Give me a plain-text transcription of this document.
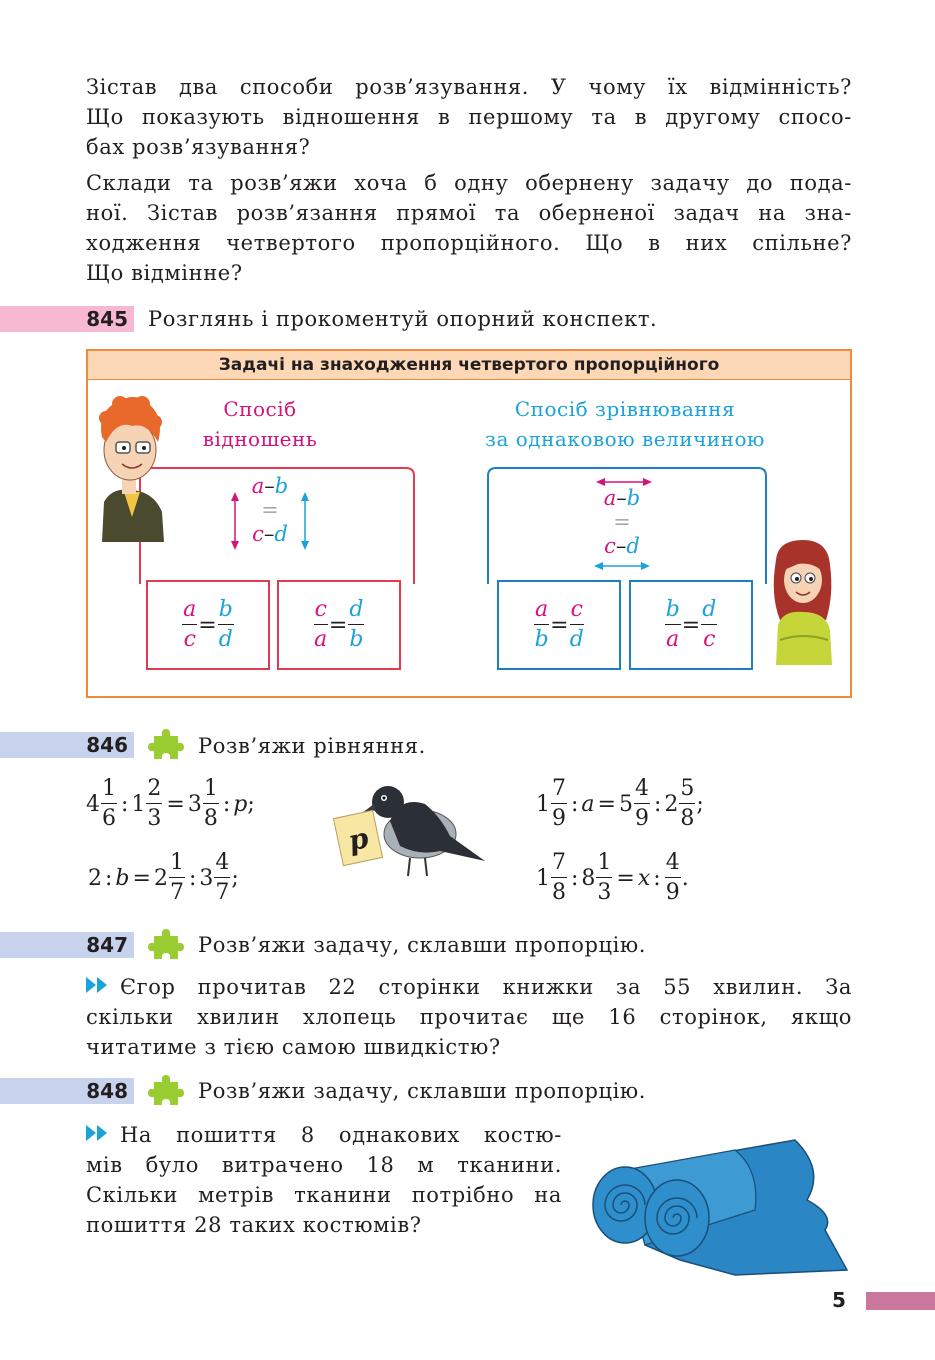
Зістав два способи розв’язування. У чому їх відмінність?
Що показують відношення в першому та в другому спосо-
бах розв’язування?
Склади та розв’яжи хоча б одну обернену задачу до пода-
ної. Зістав розв’язання прямої та оберненої задач на зна-
ходження четвертого пропорційного. Що в них спільне?
Що відмінне?
845 Розглянь і прокоментуй опорний конспект.
Задачі на знаходження четвертого пропорційного
Спосіб
відношень
Спосіб зрівнювання
за однаковою величиною
a–b
=
c–d
$\frac{a}{c} = \frac{b}{d}$	$\frac{c}{a} = \frac{d}{b}$
a–b
=
c–d
$\frac{a}{b} = \frac{c}{d}$	$\frac{b}{a} = \frac{d}{c}$
846	Розв’яжи рівняння.
$4 \frac{1}{6}$ : $1 \frac{2}{3} = 3 \frac{1}{8}$ : p ;
2 : $b = 2 \frac{1}{7}$ : $3 \frac{4}{7}$ ;
$1 \frac{7}{9}$ : $a = 5 \frac{4}{9}$ : $2 \frac{5}{8}$ ;
$1 \frac{7}{8}$ : $8 \frac{1}{3} = x$ : $\frac{4}{9}$ .
p
847	Розв’яжи задачу, склавши пропорцію.
Єгор прочитав 22 сторінки книжки за 55 хвилин. За
скільки хвилин хлопець прочитає ще 16 сторінок, якщо
читатиме з тією самою швидкістю?
848	Розв’яжи задачу, склавши пропорцію.
На пошиття 8 однакових костю-
мів було витрачено 18 м тканини.
Скільки метрів тканини потрібно на
пошиття 28 таких костюмів?
5
